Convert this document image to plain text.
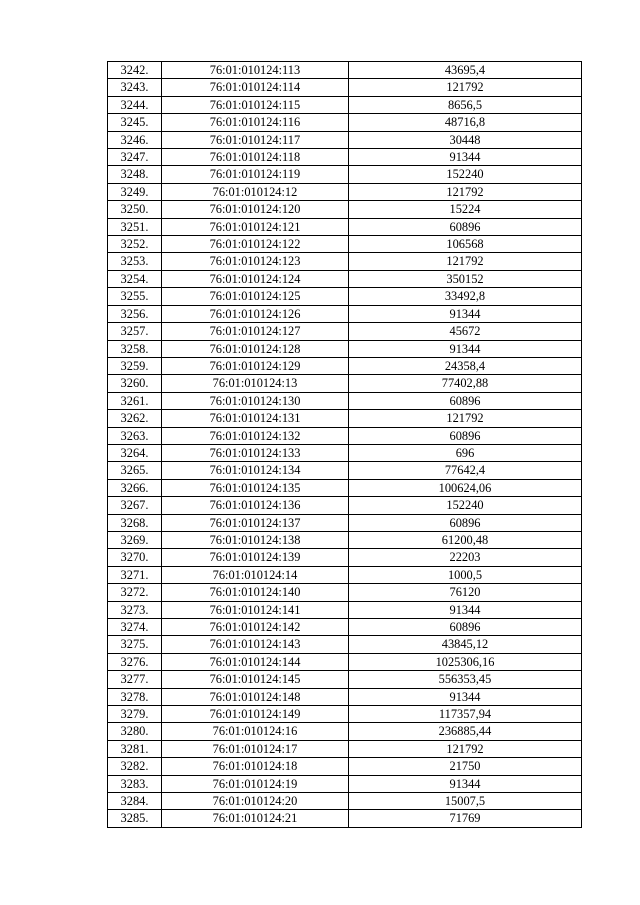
3242.	76:01:010124:113	43695,4
3243.	76:01:010124:114	121792
3244.	76:01:010124:115	8656,5
3245.	76:01:010124:116	48716,8
3246.	76:01:010124:117	30448
3247.	76:01:010124:118	91344
3248.	76:01:010124:119	152240
3249.	76:01:010124:12	121792
3250.	76:01:010124:120	15224
3251.	76:01:010124:121	60896
3252.	76:01:010124:122	106568
3253.	76:01:010124:123	121792
3254.	76:01:010124:124	350152
3255.	76:01:010124:125	33492,8
3256.	76:01:010124:126	91344
3257.	76:01:010124:127	45672
3258.	76:01:010124:128	91344
3259.	76:01:010124:129	24358,4
3260.	76:01:010124:13	77402,88
3261.	76:01:010124:130	60896
3262.	76:01:010124:131	121792
3263.	76:01:010124:132	60896
3264.	76:01:010124:133	696
3265.	76:01:010124:134	77642,4
3266.	76:01:010124:135	100624,06
3267.	76:01:010124:136	152240
3268.	76:01:010124:137	60896
3269.	76:01:010124:138	61200,48
3270.	76:01:010124:139	22203
3271.	76:01:010124:14	1000,5
3272.	76:01:010124:140	76120
3273.	76:01:010124:141	91344
3274.	76:01:010124:142	60896
3275.	76:01:010124:143	43845,12
3276.	76:01:010124:144	1025306,16
3277.	76:01:010124:145	556353,45
3278.	76:01:010124:148	91344
3279.	76:01:010124:149	117357,94
3280.	76:01:010124:16	236885,44
3281.	76:01:010124:17	121792
3282.	76:01:010124:18	21750
3283.	76:01:010124:19	91344
3284.	76:01:010124:20	15007,5
3285.	76:01:010124:21	71769
